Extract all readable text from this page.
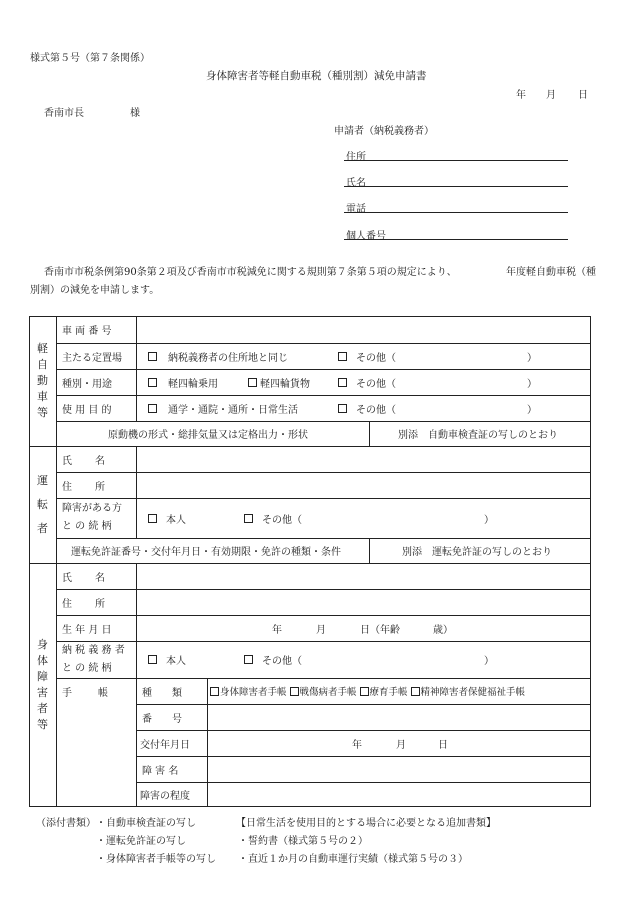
様式第５号（第７条関係）
身体障害者等軽自動車税（種別割）減免申請書
年 月 日
香南市長	様
申請者（納税義務者）
住所
氏名
電話
個人番号
香南市市税条例第90条第２項及び香南市市税減免に関する規則第７条第５項の規定により、	年度軽自動車税（種
別割）の減免を申請します。
軽
自
動
車
等
車 両 番 号
主たる定置場	納税義務者の住所地と同じ	その他（	）
種別・用途	軽四輪乗用	軽四輪貨物	その他（	）
使 用 目 的	通学・通院・通所・日常生活	その他（	）
原動機の形式・総排気量又は定格出力・形状	別添　自動車検査証の写しのとおり
運
転
者
氏　　名
住　　所
障害がある方
と の 続 柄
本人	その他（	）
運転免許証番号・交付年月日・有効期限・免許の種類・条件	別添　運転免許証の写しのとおり
身
体
障
害
者
等
氏　　名
住　　所
生 年 月 日	年	月	日（年齢	歳）
納 税 義 務 者
と の 続 柄
本人	その他（	）
手　　帳	種　　類	身体障害者手帳 戦傷病者手帳 療育手帳 精神障害者保健福祉手帳
番　　号
交付年月日	年	月	日
障 害 名
障害の程度
（添付書類） ・自動車検査証の写し
・運転免許証の写し
・身体障害者手帳等の写し
【日常生活を使用目的とする場合に必要となる追加書類】
・誓約書（様式第５号の２）
・直近１か月の自動車運行実績（様式第５号の３）
